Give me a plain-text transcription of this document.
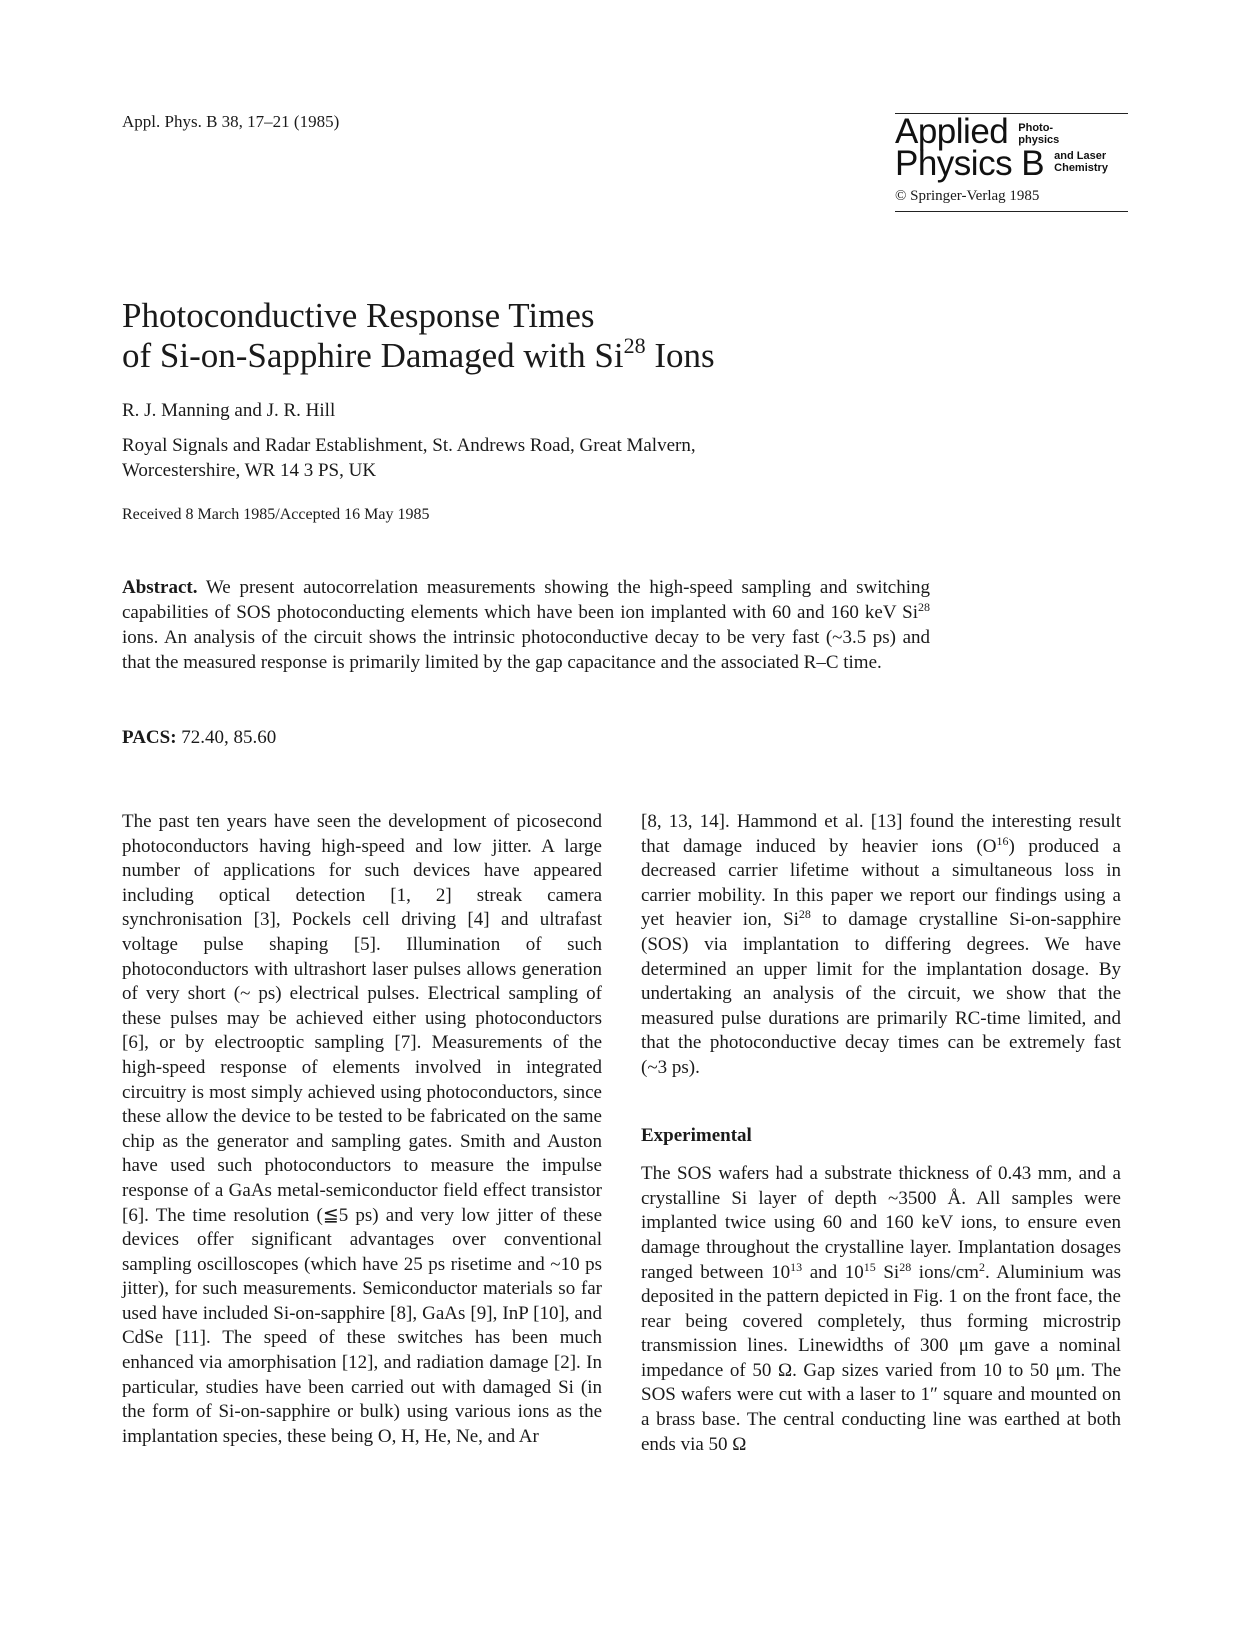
Appl. Phys. B 38, 17–21 (1985)	Applied Photo-
physics
Physics B and Laser
Chemistry
© Springer-Verlag 1985
Photoconductive Response Times
of Si-on-Sapphire Damaged with Si$^{28}$ Ions
R. J. Manning and J. R. Hill
Royal Signals and Radar Establishment, St. Andrews Road, Great Malvern,
Worcestershire, WR 14 3 PS, UK
Received 8 March 1985/Accepted 16 May 1985

Abstract. We present autocorrelation measurements showing the high-speed sampling and switching capabilities of SOS photoconducting elements which have been ion implanted with 60 and 160 keV Si$^{28}$ ions. An analysis of the circuit shows the intrinsic photoconductive decay to be very fast (~3.5 ps) and that the measured response is primarily limited by the gap capacitance and the associated R–C time.

PACS: 72.40, 85.60

The past ten years have seen the development of picosecond photoconductors having high-speed and low jitter. A large number of applications for such devices have appeared including optical detection [1, 2] streak camera synchronisation [3], Pockels cell driving [4] and ultrafast voltage pulse shaping [5]. Illumination of such photoconductors with ultrashort laser pulses allows generation of very short (~ ps) electrical pulses. Electrical sampling of these pulses may be achieved either using photoconductors [6], or by electrooptic sampling [7]. Measurements of the high-speed response of elements involved in integrated circuitry is most simply achieved using photoconductors, since these allow the device to be tested to be fabricated on the same chip as the generator and sampling gates. Smith and Auston have used such photoconductors to measure the impulse response of a GaAs metal-semiconductor field effect transistor [6]. The time resolution (≦5 ps) and very low jitter of these devices offer significant advantages over conventional sampling oscilloscopes (which have 25 ps risetime and ~10 ps jitter), for such measurements. Semiconductor materials so far used have included Si-on-sapphire [8], GaAs [9], InP [10], and CdSe [11]. The speed of these switches has been much enhanced via amorphisation [12], and radiation damage [2]. In particular, studies have been carried out with damaged Si (in the form of Si-on-sapphire or bulk) using various ions as the implantation species, these being O, H, He, Ne, and Ar

[8, 13, 14]. Hammond et al. [13] found the interesting result that damage induced by heavier ions $(O^{16})$ produced a decreased carrier lifetime without a simultaneous loss in carrier mobility. In this paper we report our findings using a yet heavier ion, Si$^{28}$ to damage crystalline Si-on-sapphire (SOS) via implantation to differing degrees. We have determined an upper limit for the implantation dosage. By undertaking an analysis of the circuit, we show that the measured pulse durations are primarily RC-time limited, and that the photoconductive decay times can be extremely fast (~3 ps).

Experimental

The SOS wafers had a substrate thickness of 0.43 mm, and a crystalline Si layer of depth ~3500 Å. All samples were implanted twice using 60 and 160 keV ions, to ensure even damage throughout the crystalline layer. Implantation dosages ranged between $10^{13}$ and $10^{15}$ Si$^{28}$ ions/$cm^2$. Aluminium was deposited in the pattern depicted in Fig. 1 on the front face, the rear being covered completely, thus forming microstrip transmission lines. Linewidths of 300 μm gave a nominal impedance of 50 Ω. Gap sizes varied from 10 to 50 μm. The SOS wafers were cut with a laser to 1″ square and mounted on a brass base. The central conducting line was earthed at both ends via 50 Ω
